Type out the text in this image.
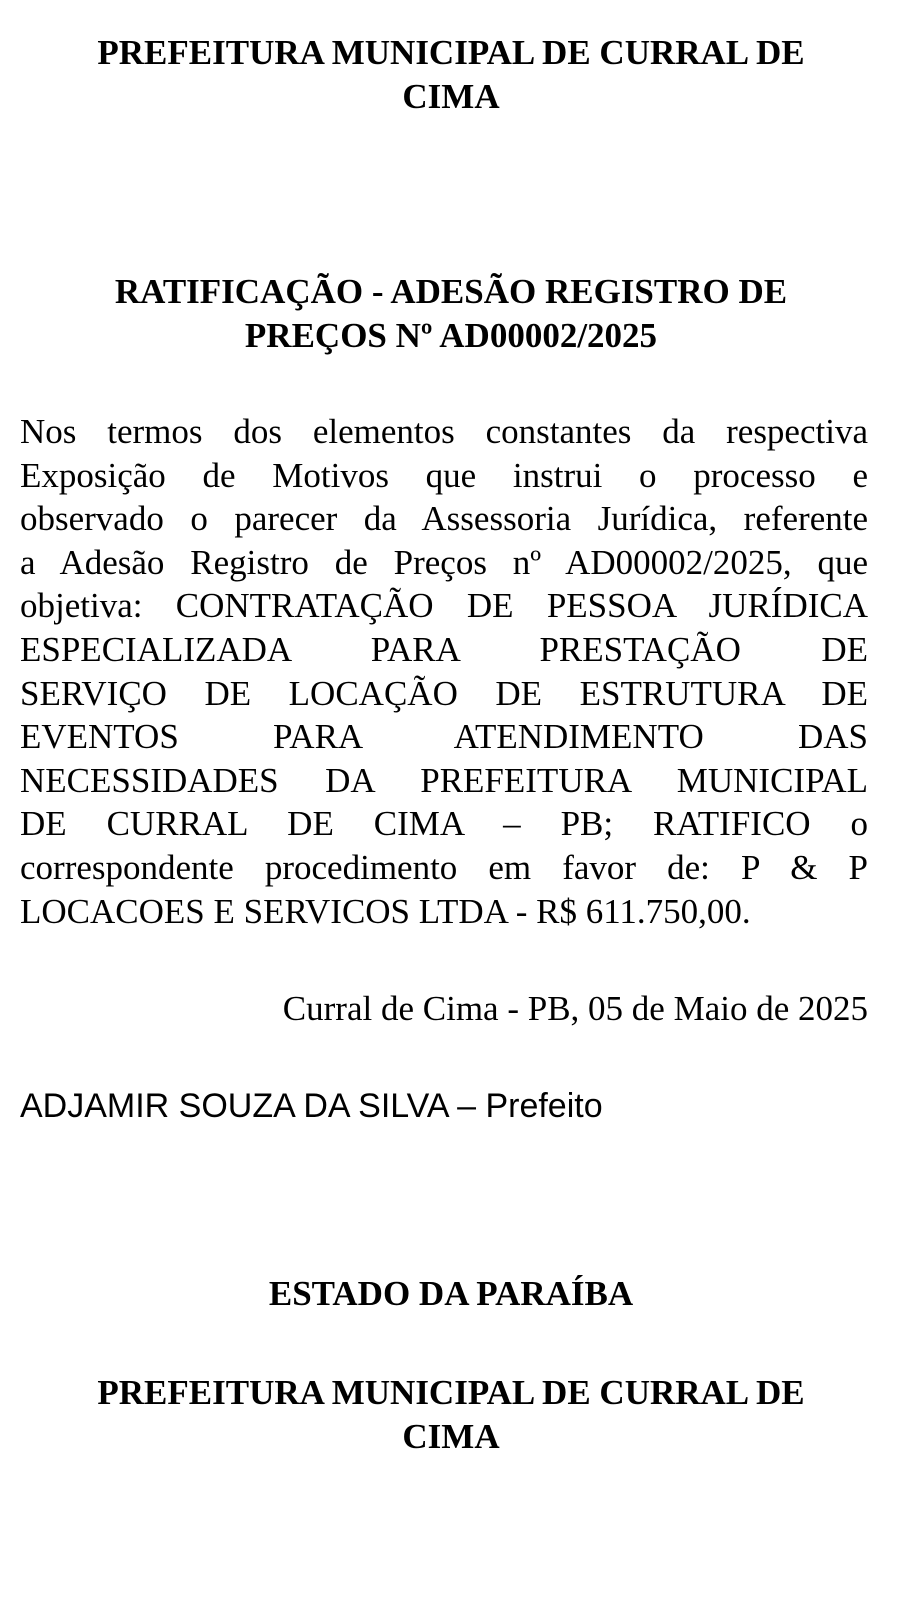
PREFEITURA MUNICIPAL DE CURRAL DE
CIMA
RATIFICAÇÃO - ADESÃO REGISTRO DE
PREÇOS Nº AD00002/2025
Nos termos dos elementos constantes da respectiva
Exposição de Motivos que instrui o processo e
observado o parecer da Assessoria Jurídica, referente
a Adesão Registro de Preços nº AD00002/2025, que
objetiva: CONTRATAÇÃO DE PESSOA JURÍDICA
ESPECIALIZADA PARA PRESTAÇÃO DE
SERVIÇO DE LOCAÇÃO DE ESTRUTURA DE
EVENTOS PARA ATENDIMENTO DAS
NECESSIDADES DA PREFEITURA MUNICIPAL
DE CURRAL DE CIMA – PB; RATIFICO o
correspondente procedimento em favor de: P & P
LOCACOES E SERVICOS LTDA - R$ 611.750,00.

Curral de Cima - PB, 05 de Maio de 2025

ADJAMIR SOUZA DA SILVA – Prefeito

ESTADO DA PARAÍBA
PREFEITURA MUNICIPAL DE CURRAL DE
CIMA
